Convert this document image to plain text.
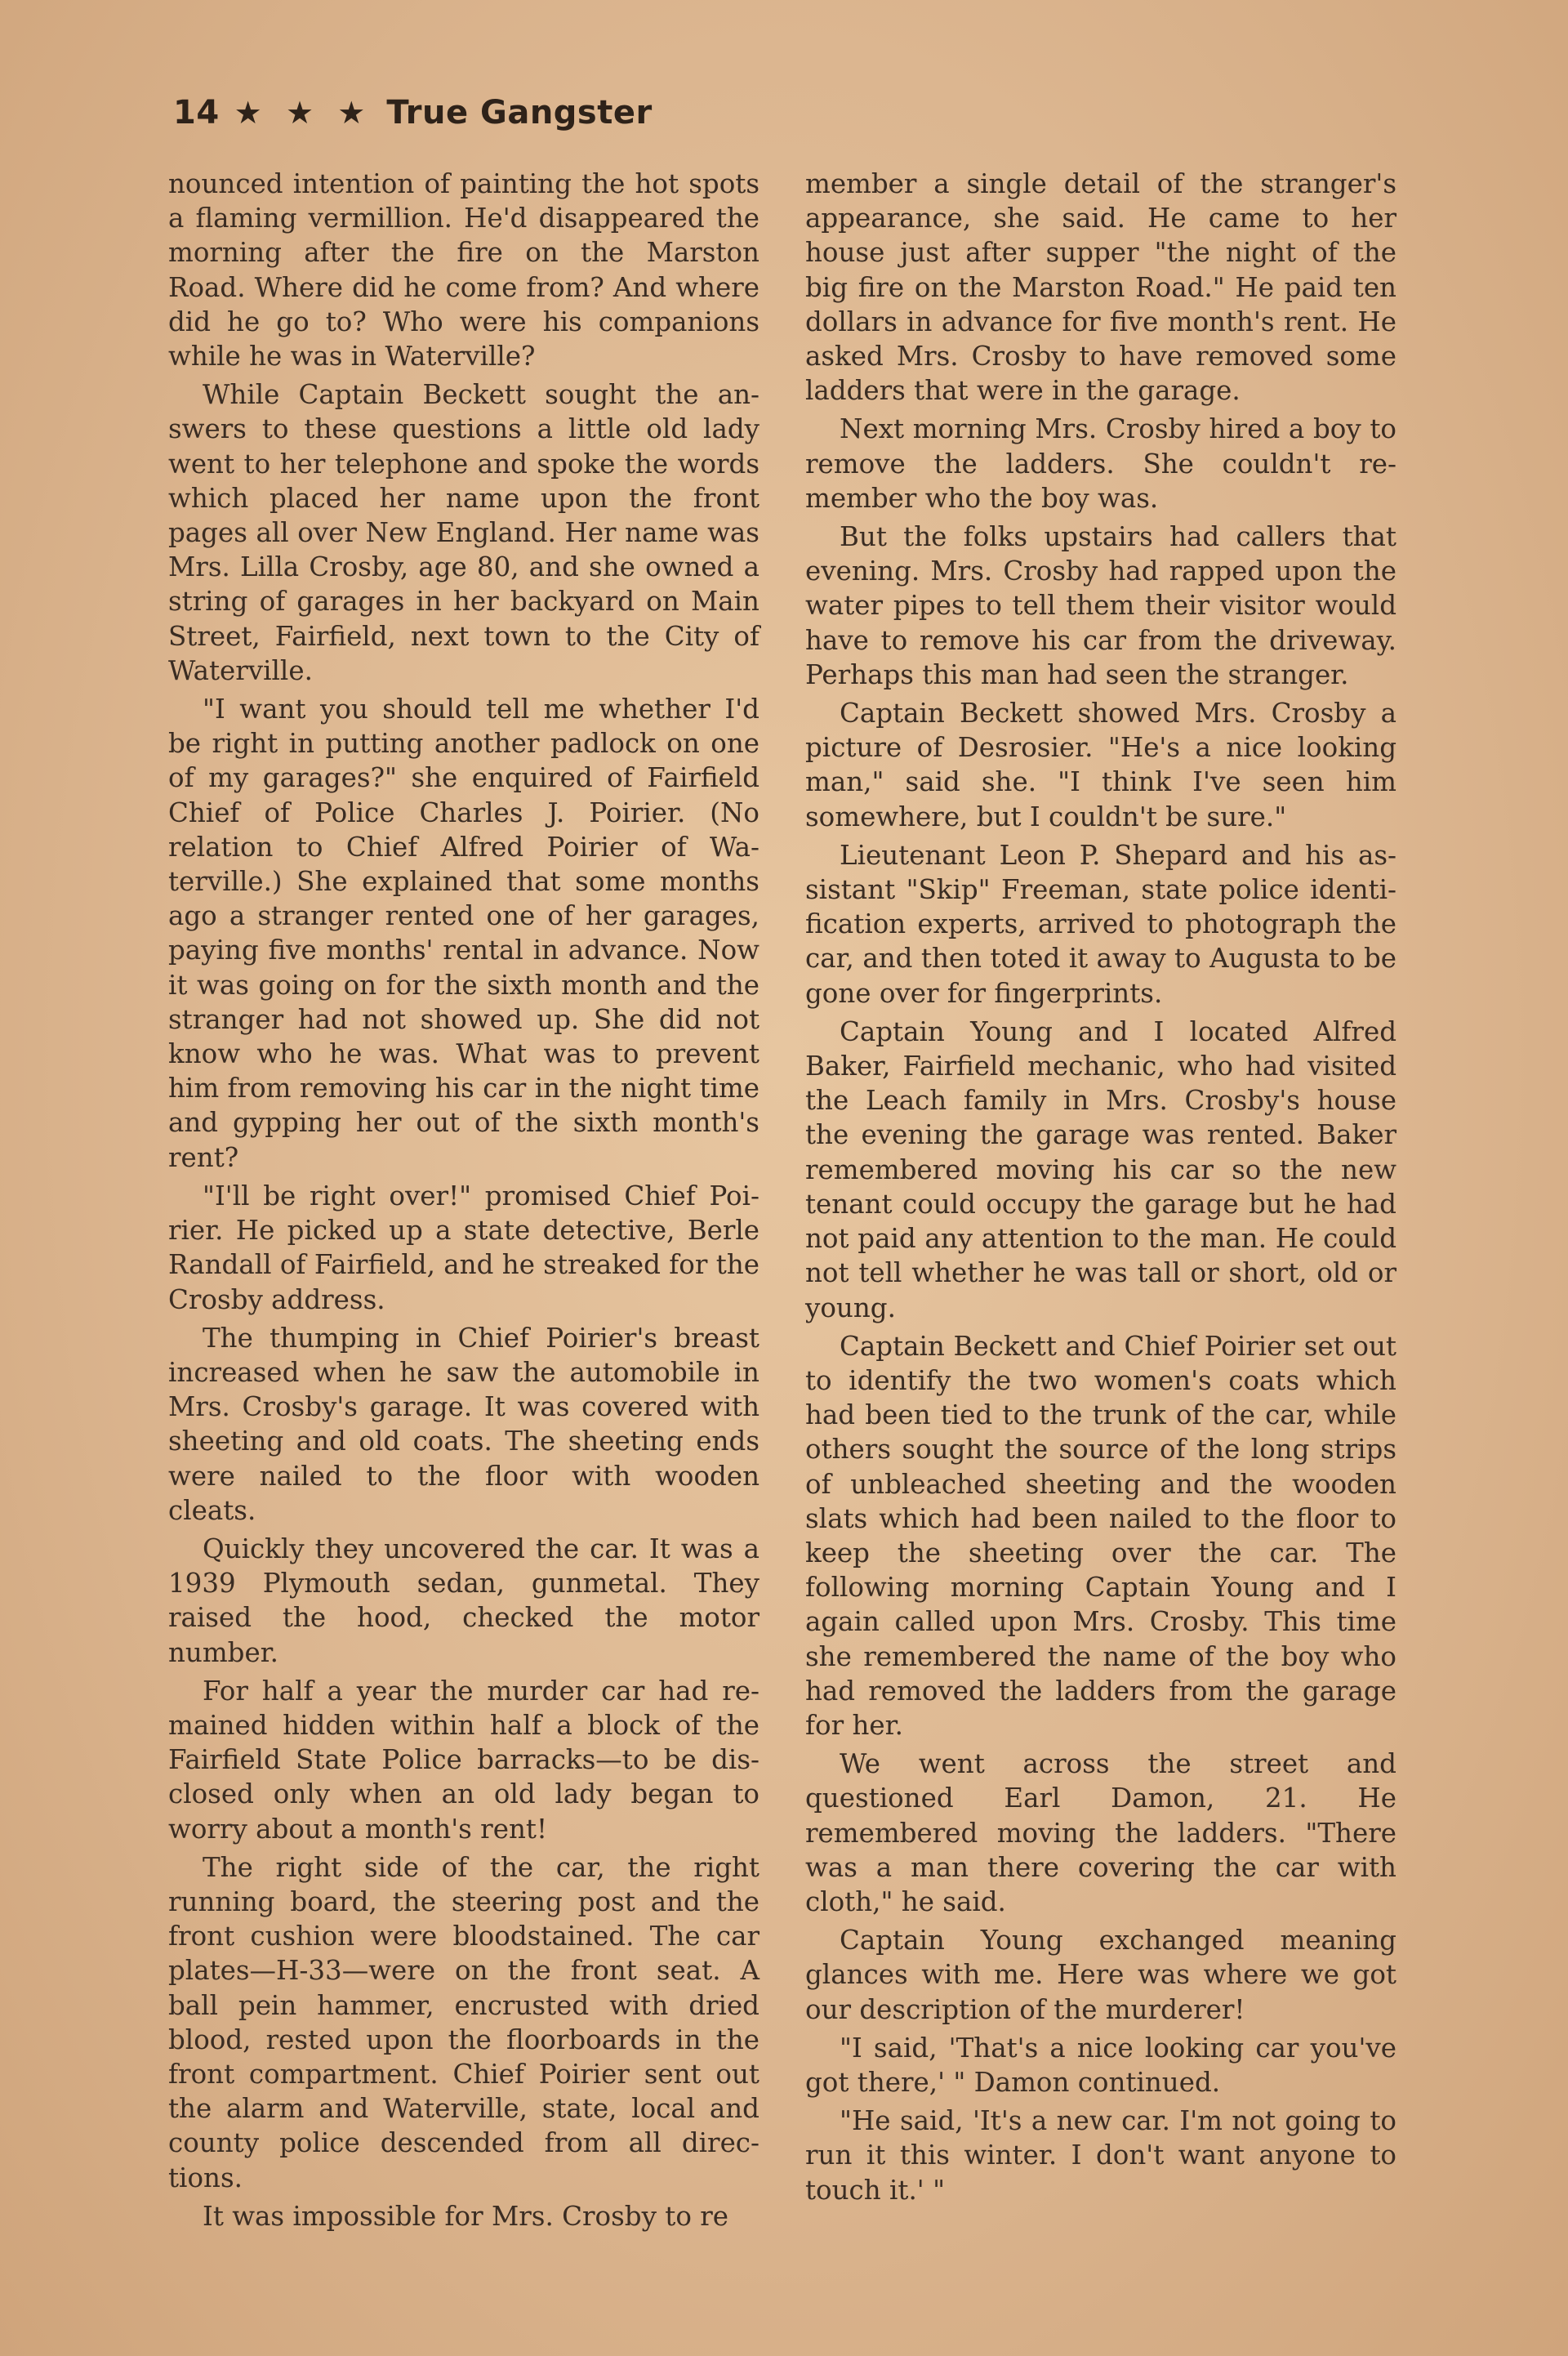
14 ★ ★ ★ True Gangster

nounced intention of painting the hot spots a flaming vermillion. He'd disappeared the morning after the fire on the Marston Road. Where did he come from? And where did he go to? Who were his companions while he was in Waterville?

While Captain Beckett sought the answers to these questions a little old lady went to her telephone and spoke the words which placed her name upon the front pages all over New England. Her name was Mrs. Lilla Crosby, age 80, and she owned a string of garages in her backyard on Main Street, Fairfield, next town to the City of Waterville.

"I want you should tell me whether I'd be right in putting another padlock on one of my garages?" she enquired of Fairfield Chief of Police Charles J. Poirier. (No relation to Chief Alfred Poirier of Waterville.) She explained that some months ago a stranger rented one of her garages, paying five months' rental in advance. Now it was going on for the sixth month and the stranger had not showed up. She did not know who he was. What was to prevent him from removing his car in the night time and gypping her out of the sixth month's rent?

"I'll be right over!" promised Chief Poirier. He picked up a state detective, Berle Randall of Fairfield, and he streaked for the Crosby address.

The thumping in Chief Poirier's breast increased when he saw the automobile in Mrs. Crosby's garage. It was covered with sheeting and old coats. The sheeting ends were nailed to the floor with wooden cleats.

Quickly they uncovered the car. It was a 1939 Plymouth sedan, gunmetal. They raised the hood, checked the motor number.

For half a year the murder car had remained hidden within half a block of the Fairfield State Police barracks—to be disclosed only when an old lady began to worry about a month's rent!

The right side of the car, the right running board, the steering post and the front cushion were bloodstained. The car plates—H-33—were on the front seat. A ball pein hammer, encrusted with dried blood, rested upon the floorboards in the front compartment. Chief Poirier sent out the alarm and Waterville, state, local and county police descended from all directions.

It was impossible for Mrs. Crosby to re

member a single detail of the stranger's appearance, she said. He came to her house just after supper "the night of the big fire on the Marston Road." He paid ten dollars in advance for five month's rent. He asked Mrs. Crosby to have removed some ladders that were in the garage.

Next morning Mrs. Crosby hired a boy to remove the ladders. She couldn't remember who the boy was.

But the folks upstairs had callers that evening. Mrs. Crosby had rapped upon the water pipes to tell them their visitor would have to remove his car from the driveway. Perhaps this man had seen the stranger.

Captain Beckett showed Mrs. Crosby a picture of Desrosier. "He's a nice looking man," said she. "I think I've seen him somewhere, but I couldn't be sure."

Lieutenant Leon P. Shepard and his assistant "Skip" Freeman, state police identification experts, arrived to photograph the car, and then toted it away to Augusta to be gone over for fingerprints.

Captain Young and I located Alfred Baker, Fairfield mechanic, who had visited the Leach family in Mrs. Crosby's house the evening the garage was rented. Baker remembered moving his car so the new tenant could occupy the garage but he had not paid any attention to the man. He could not tell whether he was tall or short, old or young.

Captain Beckett and Chief Poirier set out to identify the two women's coats which had been tied to the trunk of the car, while others sought the source of the long strips of unbleached sheeting and the wooden slats which had been nailed to the floor to keep the sheeting over the car. The following morning Captain Young and I again called upon Mrs. Crosby. This time she remembered the name of the boy who had removed the ladders from the garage for her.

We went across the street and questioned Earl Damon, 21. He remembered moving the ladders. "There was a man there covering the car with cloth," he said.

Captain Young exchanged meaning glances with me. Here was where we got our description of the murderer!

"I said, 'That's a nice looking car you've got there,' " Damon continued.

"He said, 'It's a new car. I'm not going to run it this winter. I don't want anyone to touch it.' "
